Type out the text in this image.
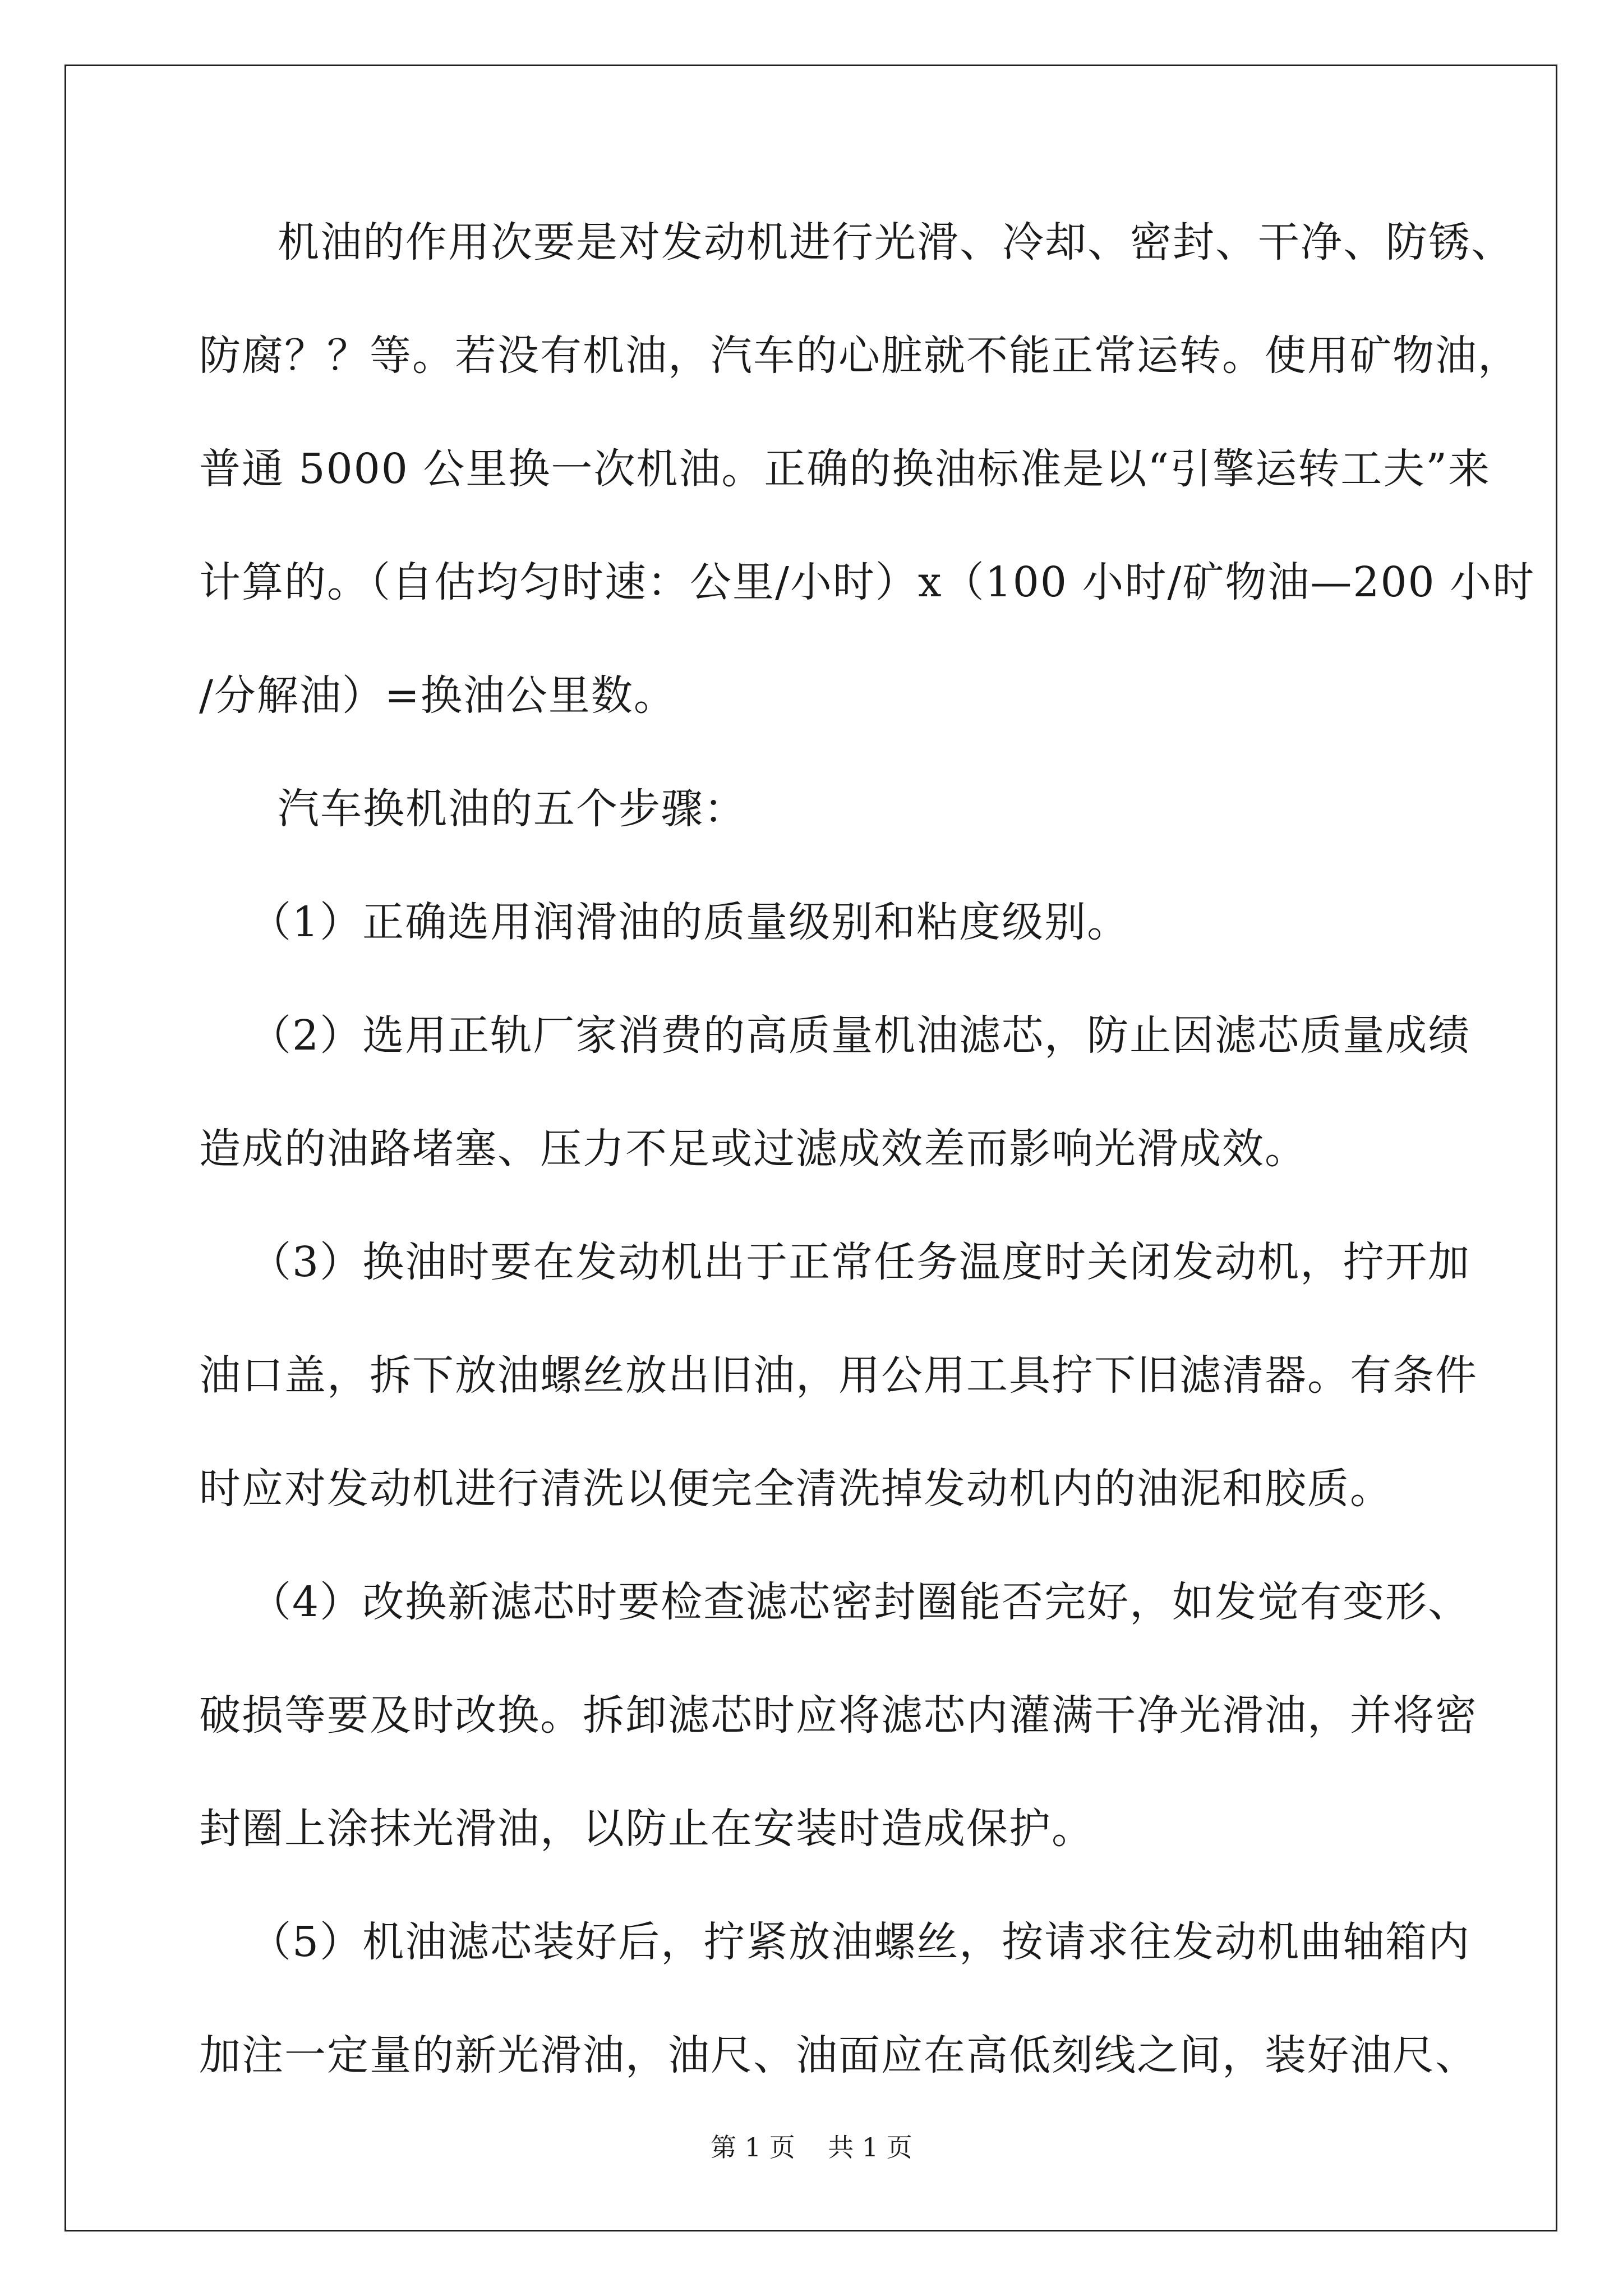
机油的作用次要是对发动机进行光滑、冷却、密封、干净、防锈、
防腐？？等。若没有机油，汽车的心脏就不能正常运转。使用矿物油，
普通 5000 公里换一次机油。正确的换油标准是以“引擎运转工夫”来
计算的。（自估均匀时速：公里/小时）x（100 小时/矿物油—200 小时
/分解油）=换油公里数。
汽车换机油的五个步骤：
（1）正确选用润滑油的质量级别和粘度级别。
（2）选用正轨厂家消费的高质量机油滤芯，防止因滤芯质量成绩
造成的油路堵塞、压力不足或过滤成效差而影响光滑成效。
（3）换油时要在发动机出于正常任务温度时关闭发动机，拧开加
油口盖，拆下放油螺丝放出旧油，用公用工具拧下旧滤清器。有条件
时应对发动机进行清洗以便完全清洗掉发动机内的油泥和胶质。
（4）改换新滤芯时要检查滤芯密封圈能否完好，如发觉有变形、
破损等要及时改换。拆卸滤芯时应将滤芯内灌满干净光滑油，并将密
封圈上涂抹光滑油，以防止在安装时造成保护。
（5）机油滤芯装好后，拧紧放油螺丝，按请求往发动机曲轴箱内
加注一定量的新光滑油，油尺、油面应在高低刻线之间，装好油尺、
第 1 页    共 1 页
